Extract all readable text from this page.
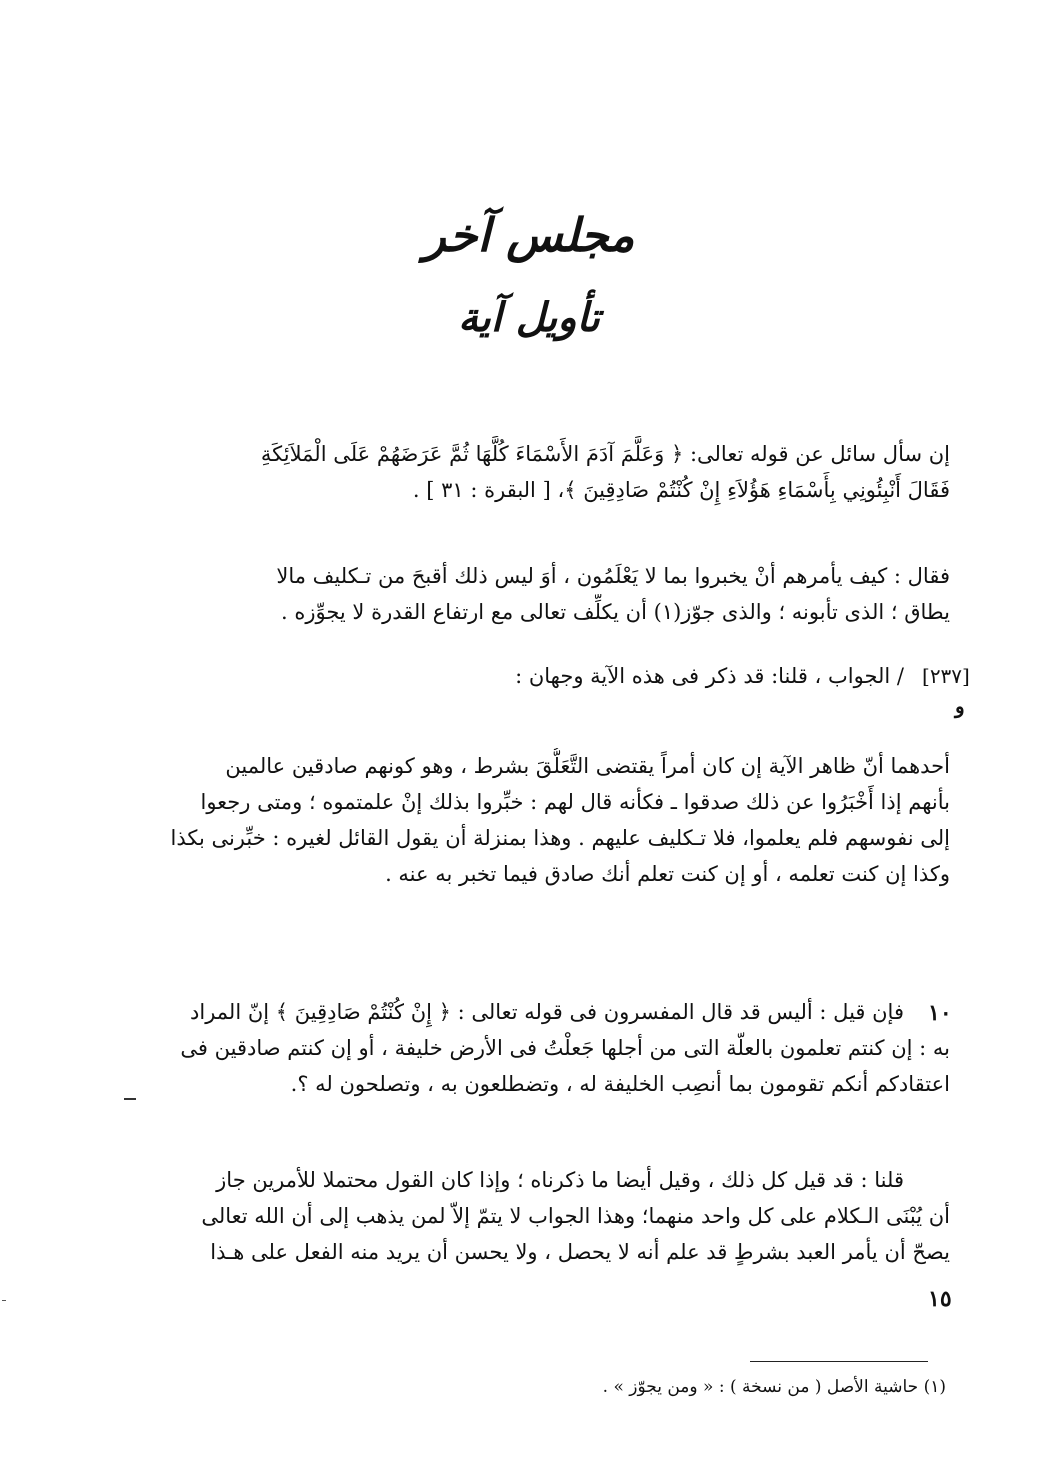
مجلس آخر
تأويل آية
إن سأل سائل عن قوله تعالى: ﴿ وَعَلَّمَ آدَمَ الأَسْمَاءَ كُلَّهَا ثُمَّ عَرَضَهُمْ عَلَى الْمَلاَئِكَةِ
فَقَالَ أَنْبِئُونِي بِأَسْمَاءِ هَؤُلاَءِ إِنْ كُنْتُمْ صَادِقِينَ ﴾، [ البقرة : ٣١ ] .
فقال : كيف يأمرهم أنْ يخبروا بما لا يَعْلَمُون ، أوَ ليس ذلك أقبحَ من تـكليف مالا
يطاق ؛ الذى تأبونه ؛ والذى جوّز(١) أن يكلِّف تعالى مع ارتفاع القدرة لا يجوِّزه .
/ الجواب ، قلنا: قد ذكر فى هذه الآية وجهان : [٢٣٧]
و
أحدهما أنّ ظاهر الآية إن كان أمراً يقتضى التَّعَلُّقَ بشرط ، وهو كونهم صادقين عالمين
بأنهم إذا أَخْبَرُوا عن ذلك صدقوا ـ فكأنه قال لهم : خبِّروا بذلك إنْ علمتموه ؛ ومتى رجعوا
إلى نفوسهم فلم يعلموا، فلا تـكليف عليهم . وهذا بمنزلة أن يقول القائل لغيره : خبِّرنى بكذا
وكذا إن كنت تعلمه ، أو إن كنت تعلم أنك صادق فيما تخبر به عنه .
فإن قيل : أليس قد قال المفسرون فى قوله تعالى : ﴿ إِنْ كُنْتُمْ صَادِقِينَ ﴾ إنّ المراد
به : إن كنتم تعلمون بالعلّة التى من أجلها جَعلْتُ فى الأرض خليفة ، أو إن كنتم صادقين فى
اعتقادكم أنكم تقومون بما أنصِب الخليفة له ، وتضطلعون به ، وتصلحون له ؟.
١٠
قلنا : قد قيل كل ذلك ، وقيل أيضا ما ذكرناه ؛ وإذا كان القول محتملا للأمرين جاز
أن يُبْنَى الـكلام على كل واحد منهما؛ وهذا الجواب لا يتمّ إلاّ لمن يذهب إلى أن الله تعالى
يصحّ أن يأمر العبد بشرطٍ قد علم أنه لا يحصل ، ولا يحسن أن يريد منه الفعل على هـذا
١٥
(١) حاشية الأصل ( من نسخة ) : « ومن يجوّز » .
